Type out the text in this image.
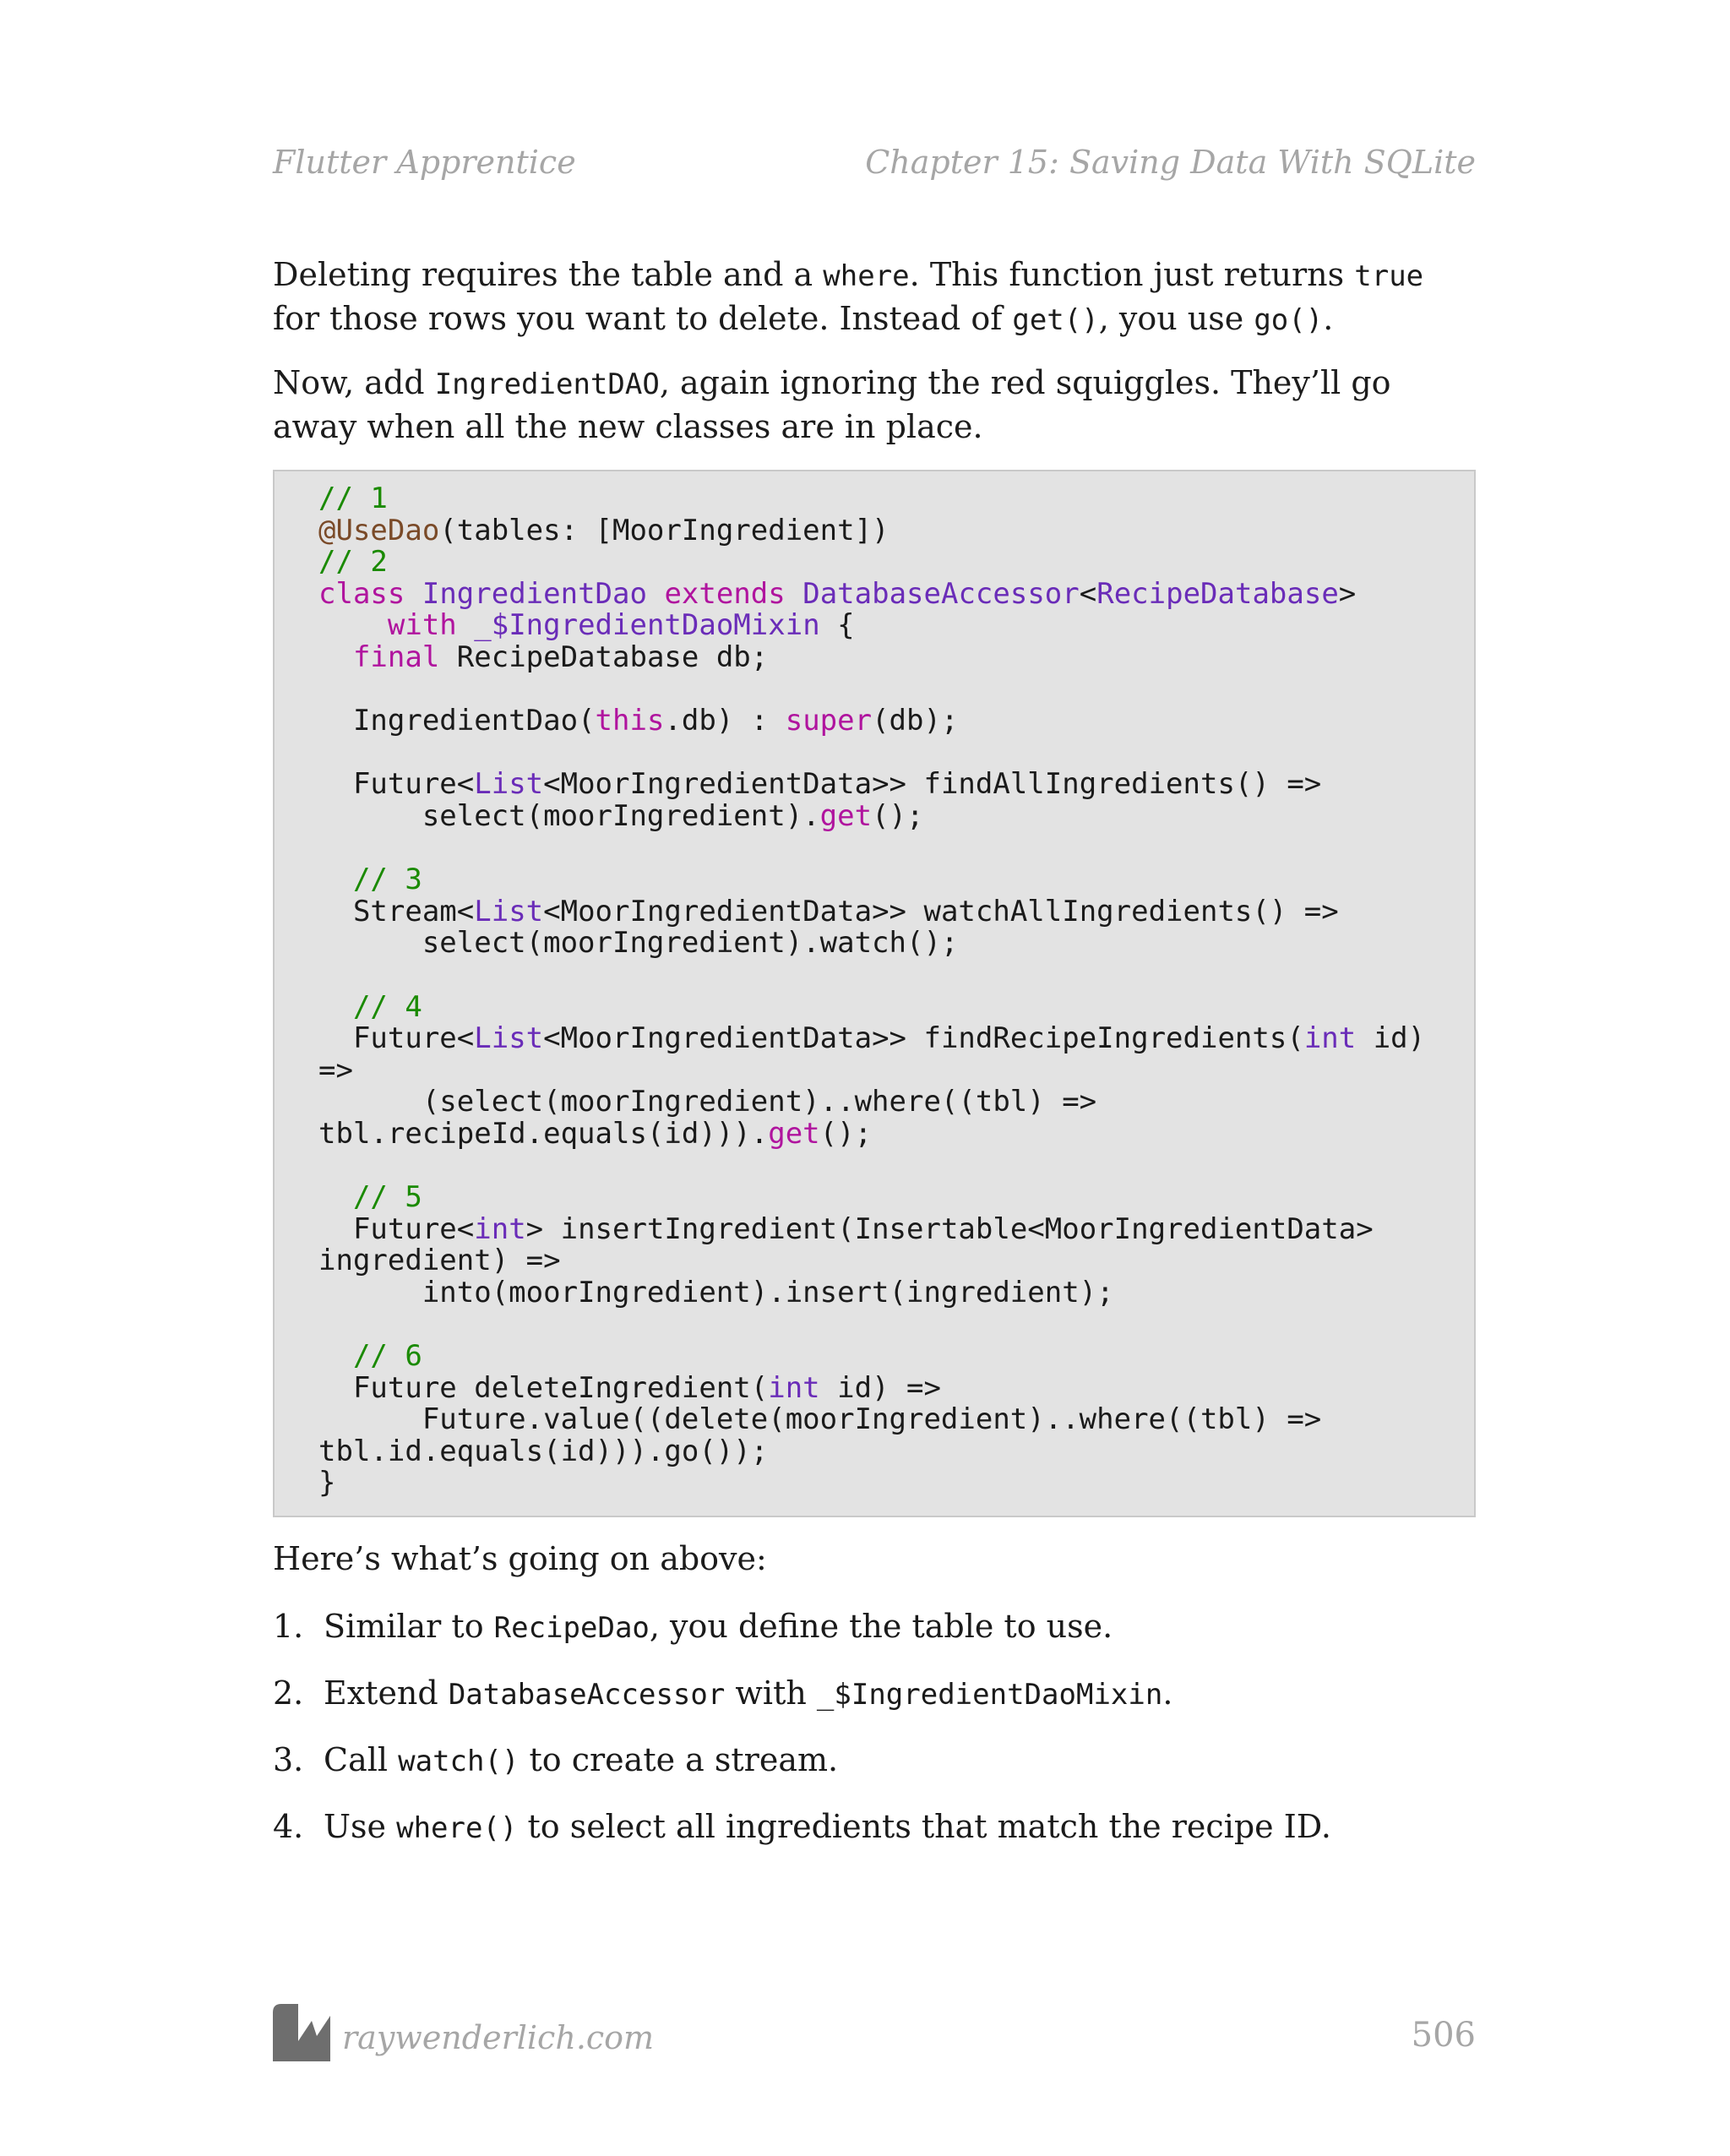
Flutter Apprentice	Chapter 15: Saving Data With SQLite
Deleting requires the table and a where. This function just returns true for those rows you want to delete. Instead of get(), you use go().
Now, add IngredientDAO, again ignoring the red squiggles. They’ll go away when all the new classes are in place.
// 1
@UseDao(tables: [MoorIngredient])
// 2
class IngredientDao extends DatabaseAccessor<RecipeDatabase>
with _$IngredientDaoMixin {
final RecipeDatabase db;

IngredientDao(this.db) : super(db);

Future<List<MoorIngredientData>> findAllIngredients() =>
select(moorIngredient).get();

// 3
Stream<List<MoorIngredientData>> watchAllIngredients() =>
select(moorIngredient).watch();

// 4
Future<List<MoorIngredientData>> findRecipeIngredients(int id)
=>
(select(moorIngredient)..where((tbl) =>
tbl.recipeId.equals(id))).get();

// 5
Future<int> insertIngredient(Insertable<MoorIngredientData>
ingredient) =>
into(moorIngredient).insert(ingredient);

// 6
Future deleteIngredient(int id) =>
Future.value((delete(moorIngredient)..where((tbl) =>
tbl.id.equals(id))).go());
}
Here’s what’s going on above:
1. Similar to RecipeDao, you define the table to use.
2. Extend DatabaseAccessor with _$IngredientDaoMixin.
3. Call watch() to create a stream.
4. Use where() to select all ingredients that match the recipe ID.
raywenderlich.com	506
